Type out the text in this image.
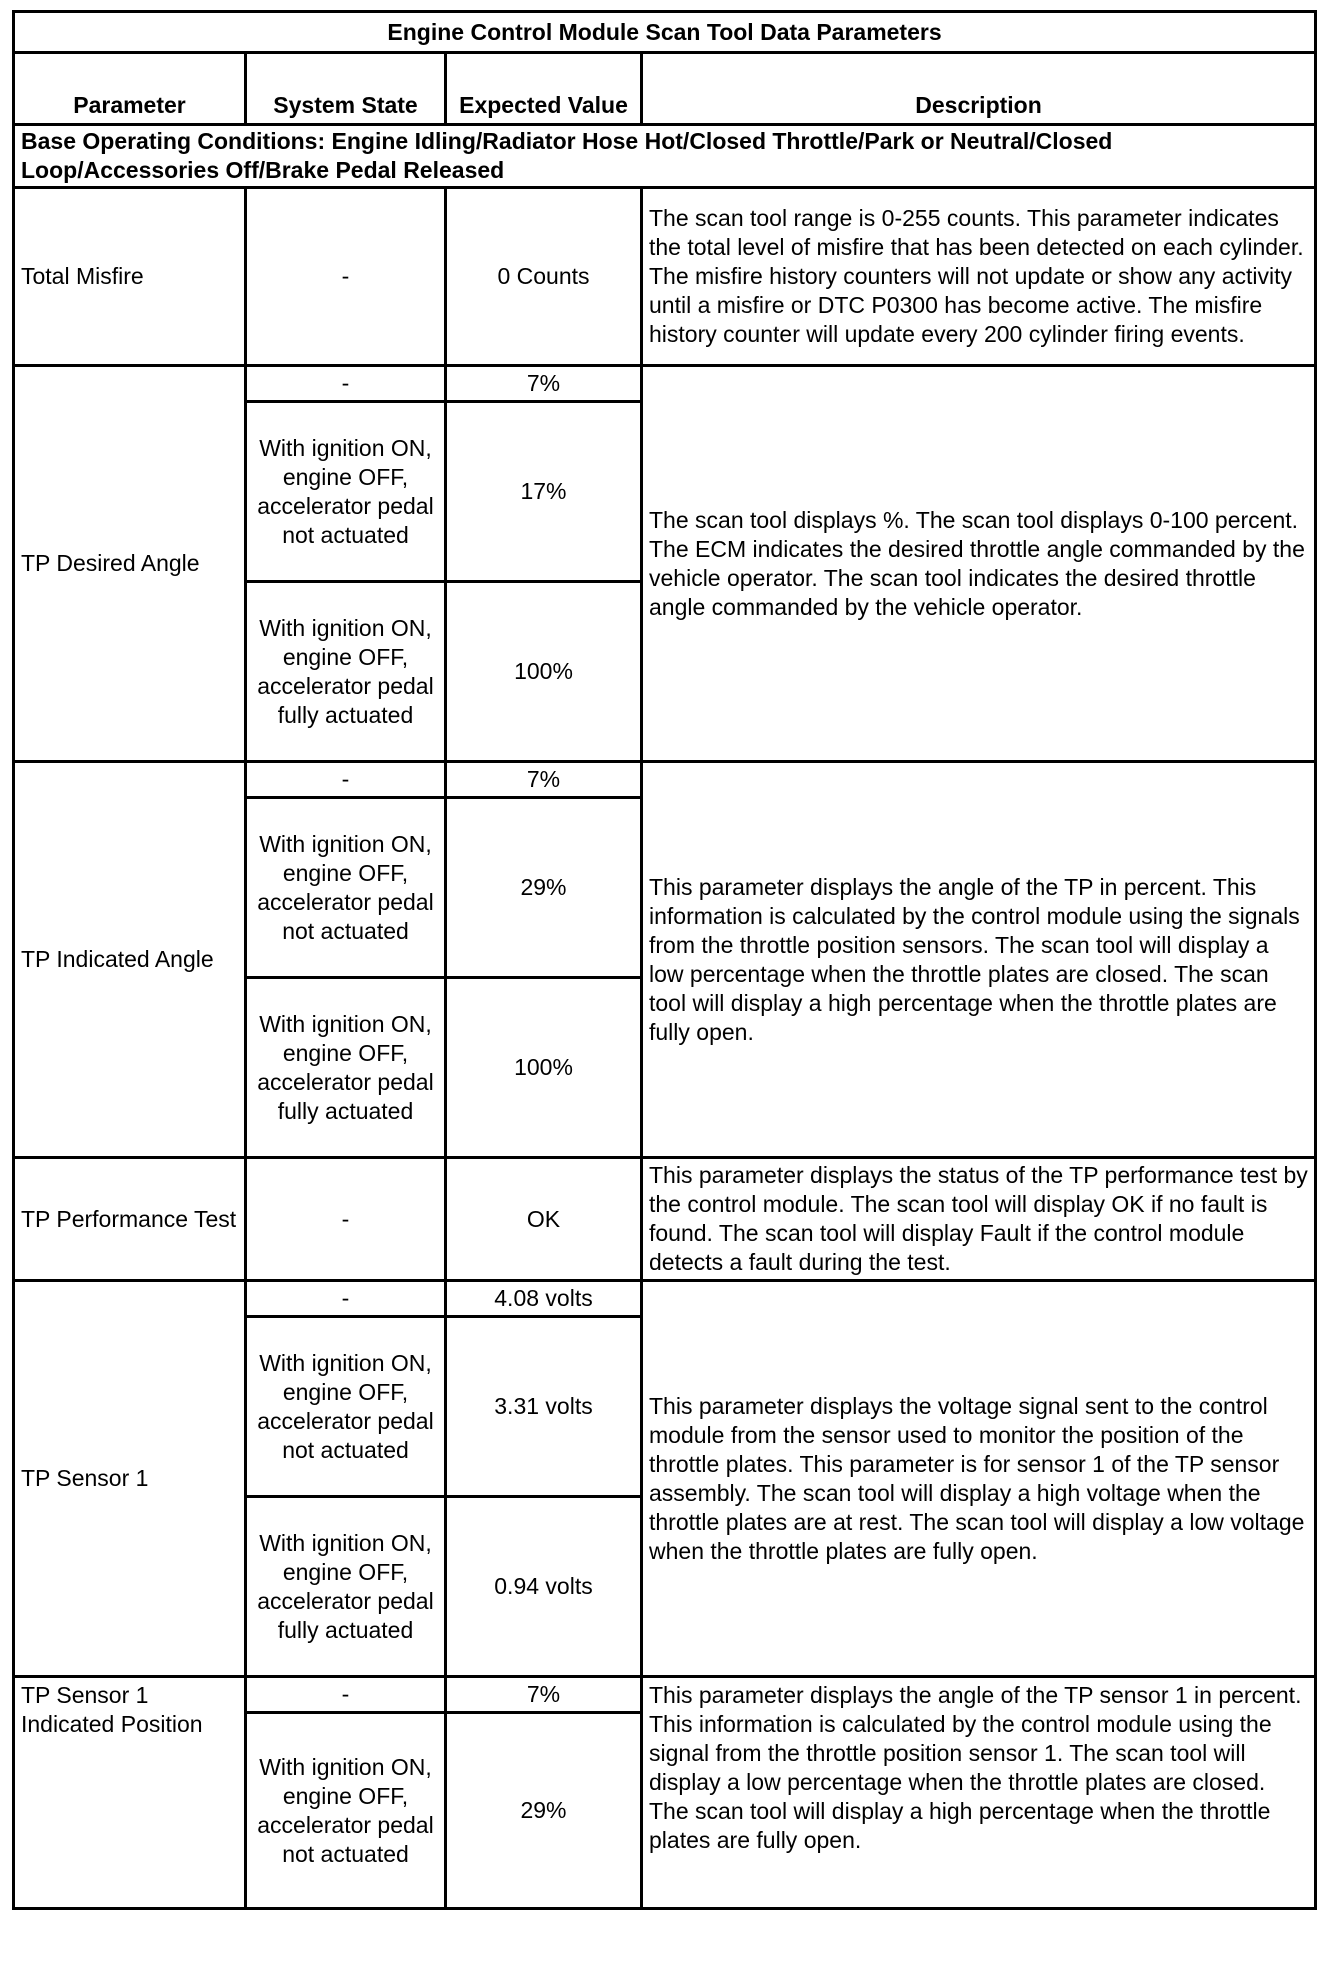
Engine Control Module Scan Tool Data Parameters			
Parameter	System State	Expected Value	Description
Base Operating Conditions: Engine Idling/Radiator Hose Hot/Closed Throttle/Park or Neutral/Closed Loop/Accessories Off/Brake Pedal Released			
Total Misfire	-	0 Counts	The scan tool range is 0-255 counts. This parameter indicates the total level of misfire that has been detected on each cylinder. The misfire history counters will not update or show any activity until a misfire or DTC P0300 has become active. The misfire history counter will update every 200 cylinder firing events.
TP Desired Angle	-	7%	The scan tool displays %. The scan tool displays 0-100 percent. The ECM indicates the desired throttle angle commanded by the vehicle operator. The scan tool indicates the desired throttle angle commanded by the vehicle operator.
	With ignition ON, engine OFF, accelerator pedal not actuated	17%	
	With ignition ON, engine OFF, accelerator pedal fully actuated	100%	
TP Indicated Angle	-	7%	This parameter displays the angle of the TP in percent. This information is calculated by the control module using the signals from the throttle position sensors. The scan tool will display a low percentage when the throttle plates are closed. The scan tool will display a high percentage when the throttle plates are fully open.
	With ignition ON, engine OFF, accelerator pedal not actuated	29%	
	With ignition ON, engine OFF, accelerator pedal fully actuated	100%	
TP Performance Test	-	OK	This parameter displays the status of the TP performance test by the control module. The scan tool will display OK if no fault is found. The scan tool will display Fault if the control module detects a fault during the test.
TP Sensor 1	-	4.08 volts	This parameter displays the voltage signal sent to the control module from the sensor used to monitor the position of the throttle plates. This parameter is for sensor 1 of the TP sensor assembly. The scan tool will display a high voltage when the throttle plates are at rest. The scan tool will display a low voltage when the throttle plates are fully open.
	With ignition ON, engine OFF, accelerator pedal not actuated	3.31 volts	
	With ignition ON, engine OFF, accelerator pedal fully actuated	0.94 volts	
TP Sensor 1 Indicated Position	-	7%	This parameter displays the angle of the TP sensor 1 in percent. This information is calculated by the control module using the signal from the throttle position sensor 1. The scan tool will display a low percentage when the throttle plates are closed. The scan tool will display a high percentage when the throttle plates are fully open.
	With ignition ON, engine OFF, accelerator pedal not actuated	29%	
